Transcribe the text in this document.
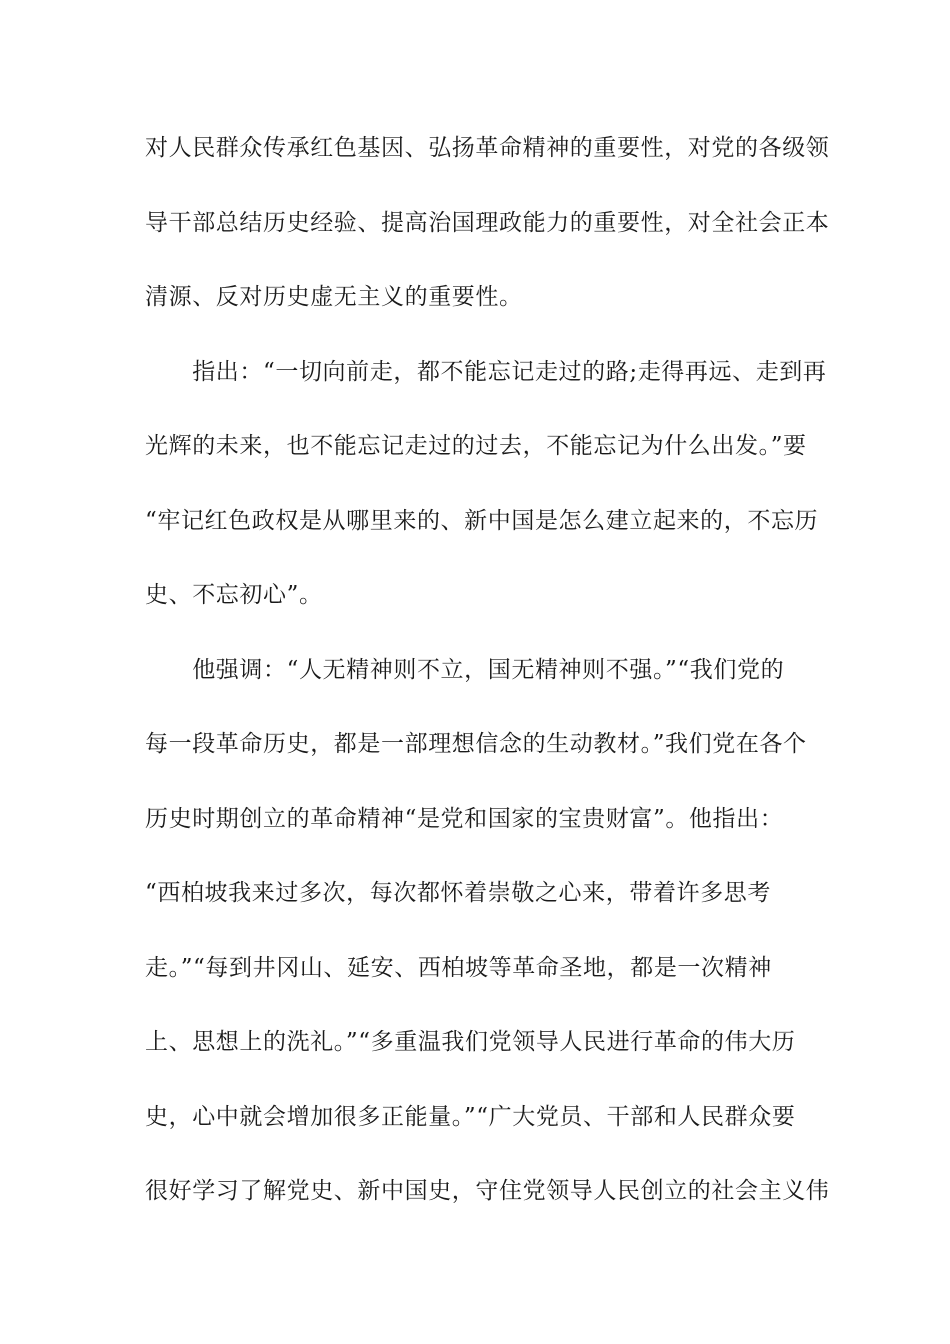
对人民群众传承红色基因、弘扬革命精神的重要性，对党的各级领
导干部总结历史经验、提高治国理政能力的重要性，对全社会正本
清源、反对历史虚无主义的重要性。
　　指出：“一切向前走，都不能忘记走过的路;走得再远、走到再
光辉的未来，也不能忘记走过的过去，不能忘记为什么出发。”要
“牢记红色政权是从哪里来的、新中国是怎么建立起来的，不忘历
史、不忘初心”。
　　他强调：“人无精神则不立，国无精神则不强。”“我们党的
每一段革命历史，都是一部理想信念的生动教材。”我们党在各个
历史时期创立的革命精神“是党和国家的宝贵财富”。他指出：
“西柏坡我来过多次，每次都怀着崇敬之心来，带着许多思考
走。”“每到井冈山、延安、西柏坡等革命圣地，都是一次精神
上、思想上的洗礼。”“多重温我们党领导人民进行革命的伟大历
史，心中就会增加很多正能量。”“广大党员、干部和人民群众要
很好学习了解党史、新中国史，守住党领导人民创立的社会主义伟
